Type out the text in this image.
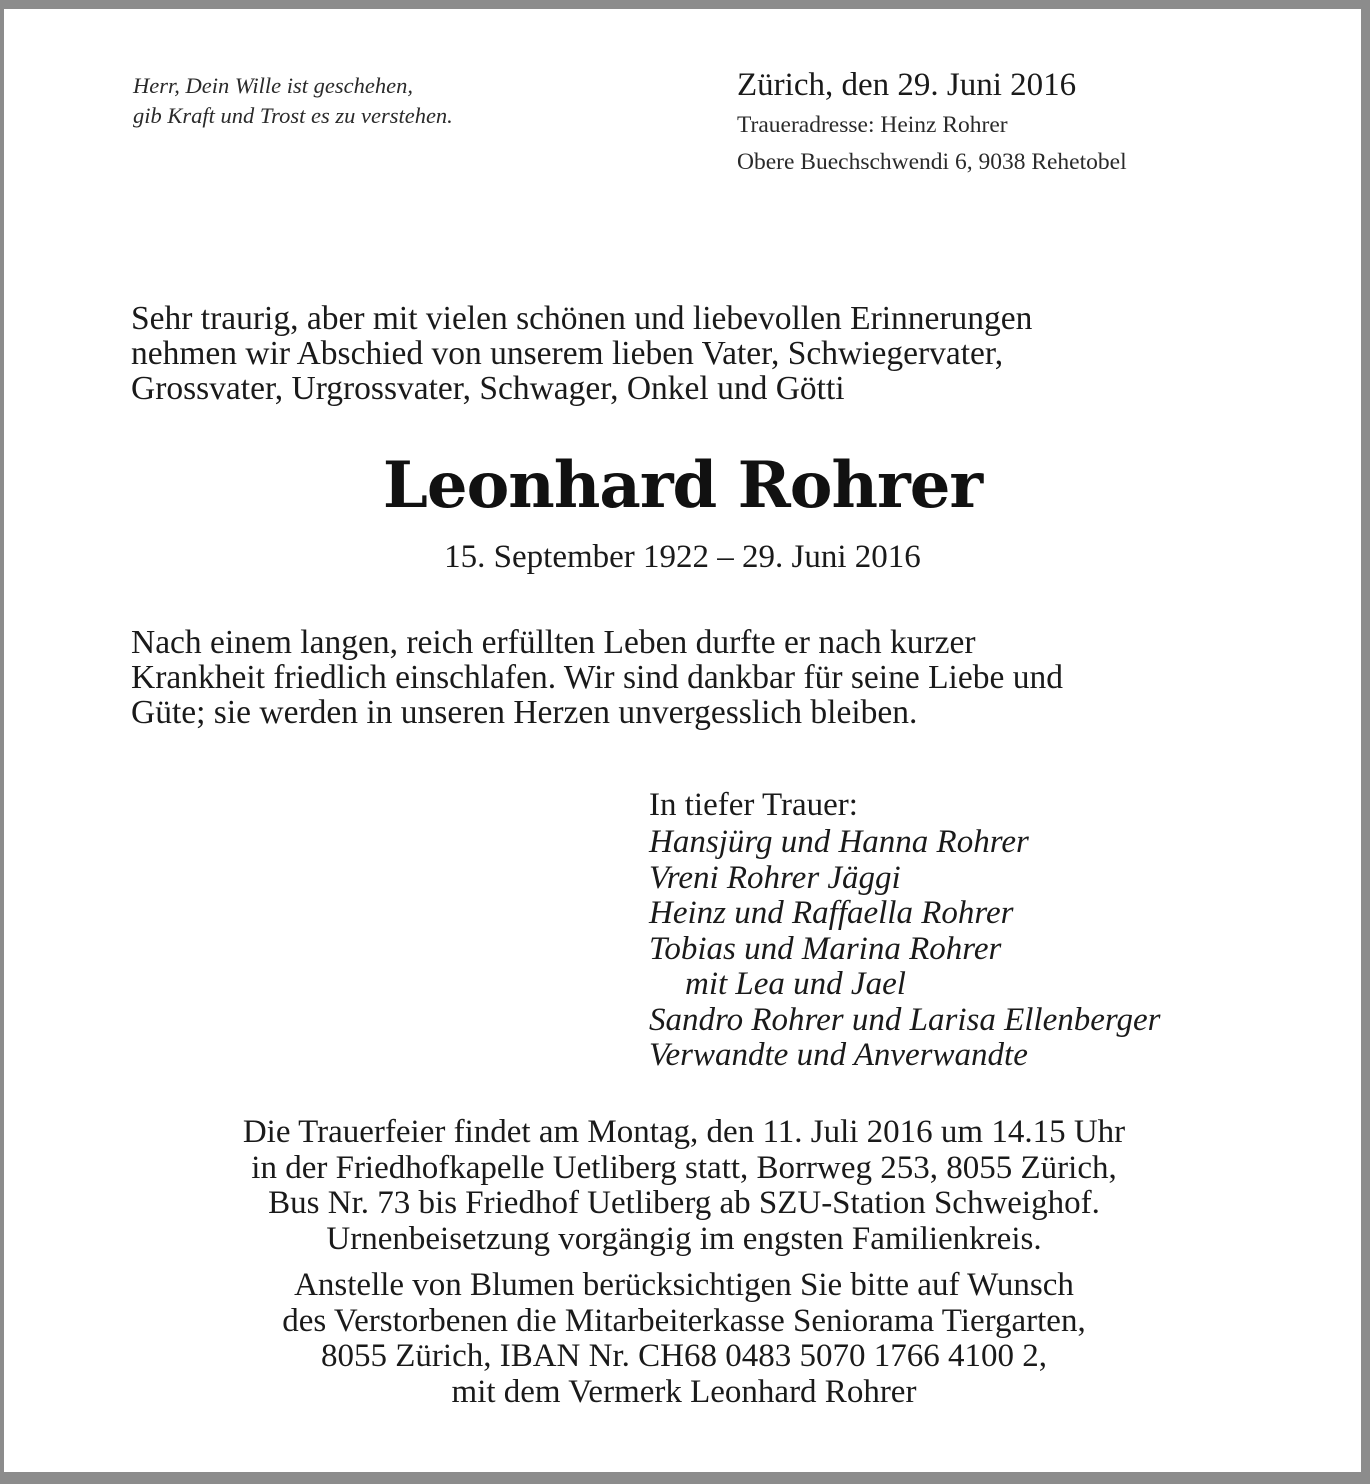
Herr, Dein Wille ist geschehen,
gib Kraft und Trost es zu verstehen.
Zürich, den 29. Juni 2016
Traueradresse: Heinz Rohrer
Obere Buechschwendi 6, 9038 Rehetobel
Sehr traurig, aber mit vielen schönen und liebevollen Erinnerungen
nehmen wir Abschied von unserem lieben Vater, Schwiegervater,
Grossvater, Urgrossvater, Schwager, Onkel und Götti
Leonhard Rohrer
15. September 1922 – 29. Juni 2016
Nach einem langen, reich erfüllten Leben durfte er nach kurzer
Krankheit friedlich einschlafen. Wir sind dankbar für seine Liebe und
Güte; sie werden in unseren Herzen unvergesslich bleiben.
In tiefer Trauer:
Hansjürg und Hanna Rohrer
Vreni Rohrer Jäggi
Heinz und Raffaella Rohrer
Tobias und Marina Rohrer
mit Lea und Jael
Sandro Rohrer und Larisa Ellenberger
Verwandte und Anverwandte
Die Trauerfeier findet am Montag, den 11. Juli 2016 um 14.15 Uhr
in der Friedhofkapelle Uetliberg statt, Borrweg 253, 8055 Zürich,
Bus Nr. 73 bis Friedhof Uetliberg ab SZU-Station Schweighof.
Urnenbeisetzung vorgängig im engsten Familienkreis.
Anstelle von Blumen berücksichtigen Sie bitte auf Wunsch
des Verstorbenen die Mitarbeiterkasse Seniorama Tiergarten,
8055 Zürich, IBAN Nr. CH68 0483 5070 1766 4100 2,
mit dem Vermerk Leonhard Rohrer
